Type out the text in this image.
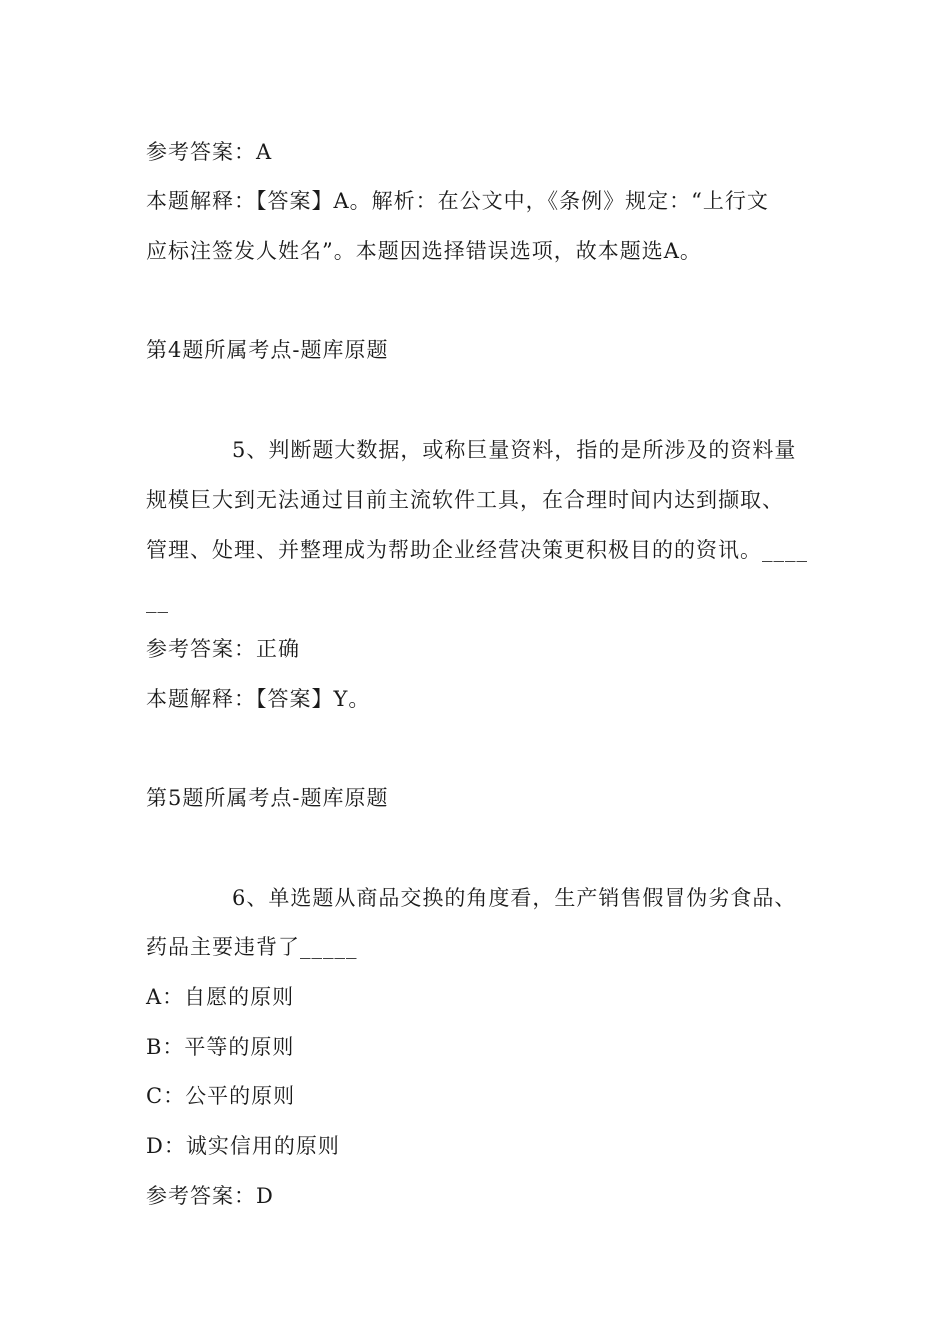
参考答案：A
本题解释：【答案】A。解析：在公文中，《条例》规定：“上行文
应标注签发人姓名”。本题因选择错误选项，故本题选A。
第4题所属考点-题库原题
5、判断题大数据，或称巨量资料，指的是所涉及的资料量
规模巨大到无法通过目前主流软件工具，在合理时间内达到撷取、
管理、处理、并整理成为帮助企业经营决策更积极目的的资讯。____
__
参考答案：正确
本题解释：【答案】Y。
第5题所属考点-题库原题
6、单选题从商品交换的角度看，生产销售假冒伪劣食品、
药品主要违背了_____
A：自愿的原则
B：平等的原则
C：公平的原则
D：诚实信用的原则
参考答案：D
